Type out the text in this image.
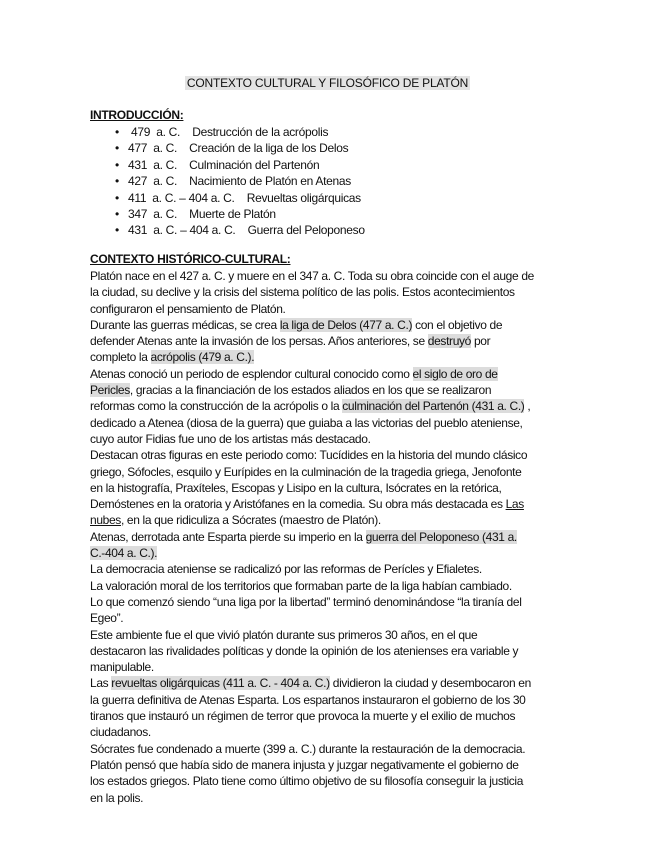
CONTEXTO CULTURAL Y FILOSÓFICO DE PLATÓN
INTRODUCCIÓN:
•  479  a. C.    Destrucción de la acrópolis
• 477  a. C.    Creación de la liga de los Delos
• 431  a. C.    Culminación del Partenón
• 427  a. C.    Nacimiento de Platón en Atenas
• 411  a. C. – 404 a. C.    Revueltas oligárquicas
• 347  a. C.    Muerte de Platón
• 431  a. C. – 404 a. C.    Guerra del Peloponeso
CONTEXTO HISTÓRICO-CULTURAL:

Platón nace en el 427 a. C. y muere en el 347 a. C. Toda su obra coincide con el auge de la ciudad, su declive y la crisis del sistema político de las polis. Estos acontecimientos configuraron el pensamiento de Platón.

Durante las guerras médicas, se crea la liga de Delos (477 a. C.) con el objetivo de defender Atenas ante la invasión de los persas. Años anteriores, se destruyó por completo la acrópolis (479 a. C.).

Atenas conoció un periodo de esplendor cultural conocido como el siglo de oro de Pericles, gracias a la financiación de los estados aliados en los que se realizaron reformas como la construcción de la acrópolis o la culminación del Partenón (431 a. C.) , dedicado a Atenea (diosa de la guerra) que guiaba a las victorias del pueblo ateniense, cuyo autor Fidias fue uno de los artistas más destacado.

Destacan otras figuras en este periodo como: Tucídides en la historia del mundo clásico griego, Sófocles, esquilo y Eurípides en la culminación de la tragedia griega, Jenofonte en la histografía, Praxíteles, Escopas y Lisipo en la cultura, Isócrates en la retórica, Demóstenes en la oratoria y Aristófanes en la comedia. Su obra más destacada es Las nubes, en la que ridiculiza a Sócrates (maestro de Platón).

Atenas, derrotada ante Esparta pierde su imperio en la guerra del Peloponeso (431 a. C.-404 a. C.).

La democracia ateniense se radicalizó por las reformas de Perícles y Efialetes.

La valoración moral de los territorios que formaban parte de la liga habían cambiado.

Lo que comenzó siendo “una liga por la libertad” terminó denominándose “la tiranía del Egeo”.

Este ambiente fue el que vivió platón durante sus primeros 30 años, en el que destacaron las rivalidades políticas y donde la opinión de los atenienses era variable y manipulable.

Las revueltas oligárquicas (411 a. C. - 404 a. C.) dividieron la ciudad y desembocaron en la guerra definitiva de Atenas Esparta. Los espartanos instauraron el gobierno de los 30 tiranos que instauró un régimen de terror que provoca la muerte y el exilio de muchos ciudadanos.

Sócrates fue condenado a muerte (399 a. C.) durante la restauración de la democracia.

Platón pensó que había sido de manera injusta y juzgar negativamente el gobierno de los estados griegos. Plato tiene como último objetivo de su filosofía conseguir la justicia en la polis.
